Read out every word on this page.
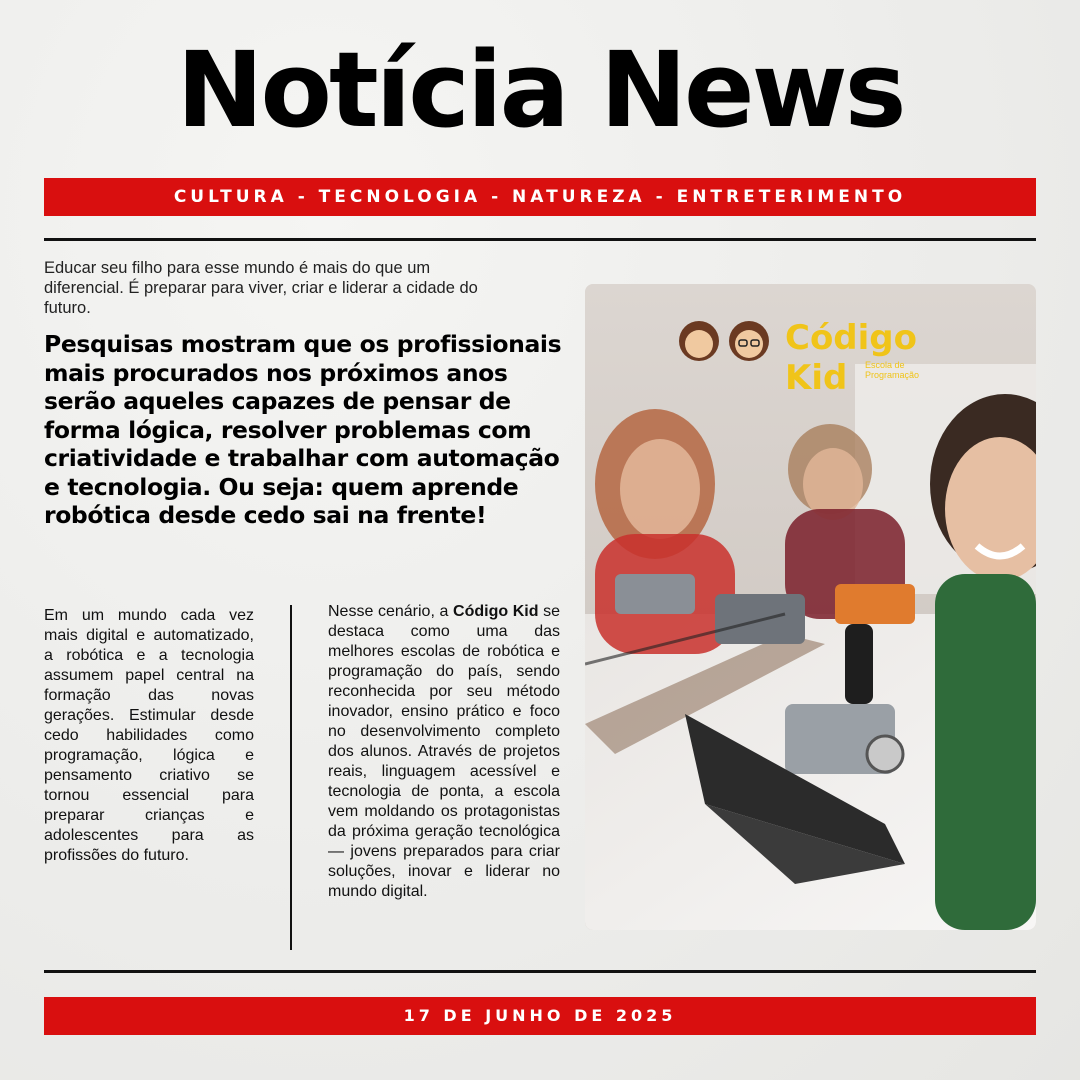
Notícia News
CULTURA - TECNOLOGIA - NATUREZA - ENTRETERIMENTO
Educar seu filho para esse mundo é mais do que um diferencial. É preparar para viver, criar e liderar a cidade do futuro.
Pesquisas mostram que os profissionais mais procurados nos próximos anos serão aqueles capazes de pensar de forma lógica, resolver problemas com criatividade e trabalhar com automação e tecnologia. Ou seja: quem aprende robótica desde cedo sai na frente!
Em um mundo cada vez mais digital e automatizado, a robótica e a tecnologia assumem papel central na formação das novas gerações. Estimular desde cedo habilidades como programação, lógica e pensamento criativo se tornou essencial para preparar crianças e adolescentes para as profissões do futuro.
Nesse cenário, a Código Kid se destaca como uma das melhores escolas de robótica e programação do país, sendo reconhecida por seu método inovador, ensino prático e foco no desenvolvimento completo dos alunos. Através de projetos reais, linguagem acessível e tecnologia de ponta, a escola vem moldando os protagonistas da próxima geração tecnológica — jovens preparados para criar soluções, inovar e liderar no mundo digital.
Código Kid	Escola de Programação
17 DE JUNHO DE 2025
